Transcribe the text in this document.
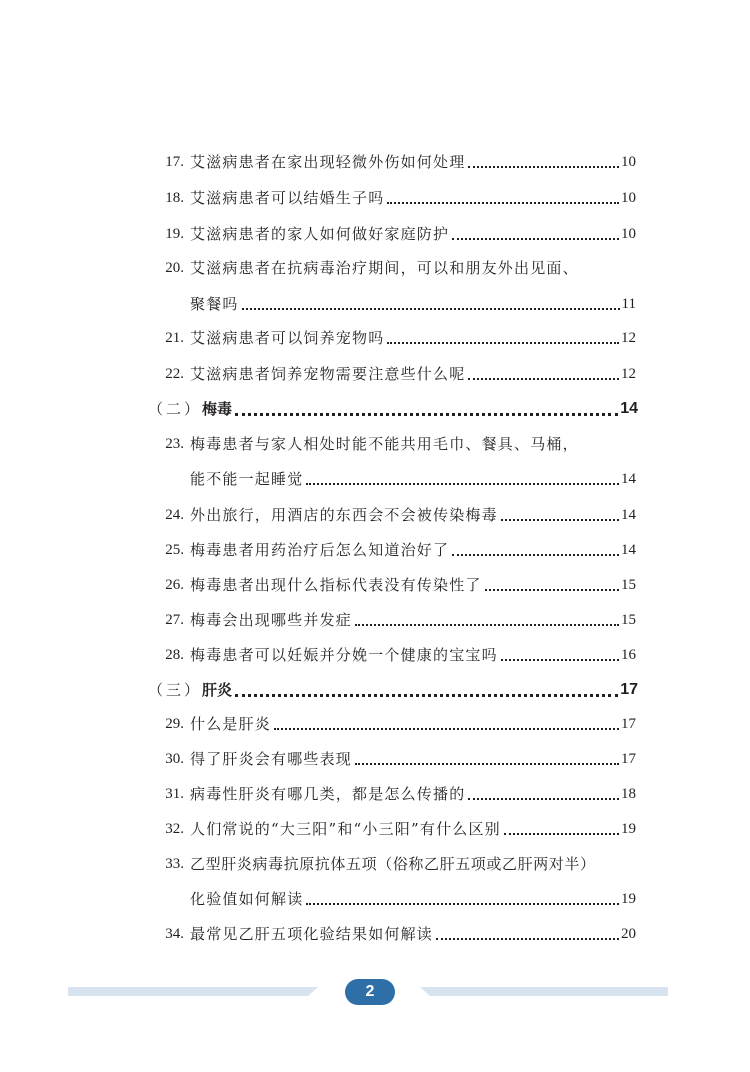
17. 艾滋病患者在家出现轻微外伤如何处理	10
18. 艾滋病患者可以结婚生子吗	10
19. 艾滋病患者的家人如何做好家庭防护	10
20. 艾滋病患者在抗病毒治疗期间，可以和朋友外出见面、
聚餐吗	11
21. 艾滋病患者可以饲养宠物吗	12
22. 艾滋病患者饲养宠物需要注意些什么呢	12
（二） 梅毒	14
23. 梅毒患者与家人相处时能不能共用毛巾、餐具、马桶，
能不能一起睡觉	14
24. 外出旅行，用酒店的东西会不会被传染梅毒	14
25. 梅毒患者用药治疗后怎么知道治好了	14
26. 梅毒患者出现什么指标代表没有传染性了	15
27. 梅毒会出现哪些并发症	15
28. 梅毒患者可以妊娠并分娩一个健康的宝宝吗	16
（三） 肝炎	17
29. 什么是肝炎	17
30. 得了肝炎会有哪些表现	17
31. 病毒性肝炎有哪几类，都是怎么传播的	18
32. 人们常说的“大三阳”和“小三阳”有什么区别	19
33. 乙型肝炎病毒抗原抗体五项（俗称乙肝五项或乙肝两对半）
化验值如何解读	19
34. 最常见乙肝五项化验结果如何解读	20
2
